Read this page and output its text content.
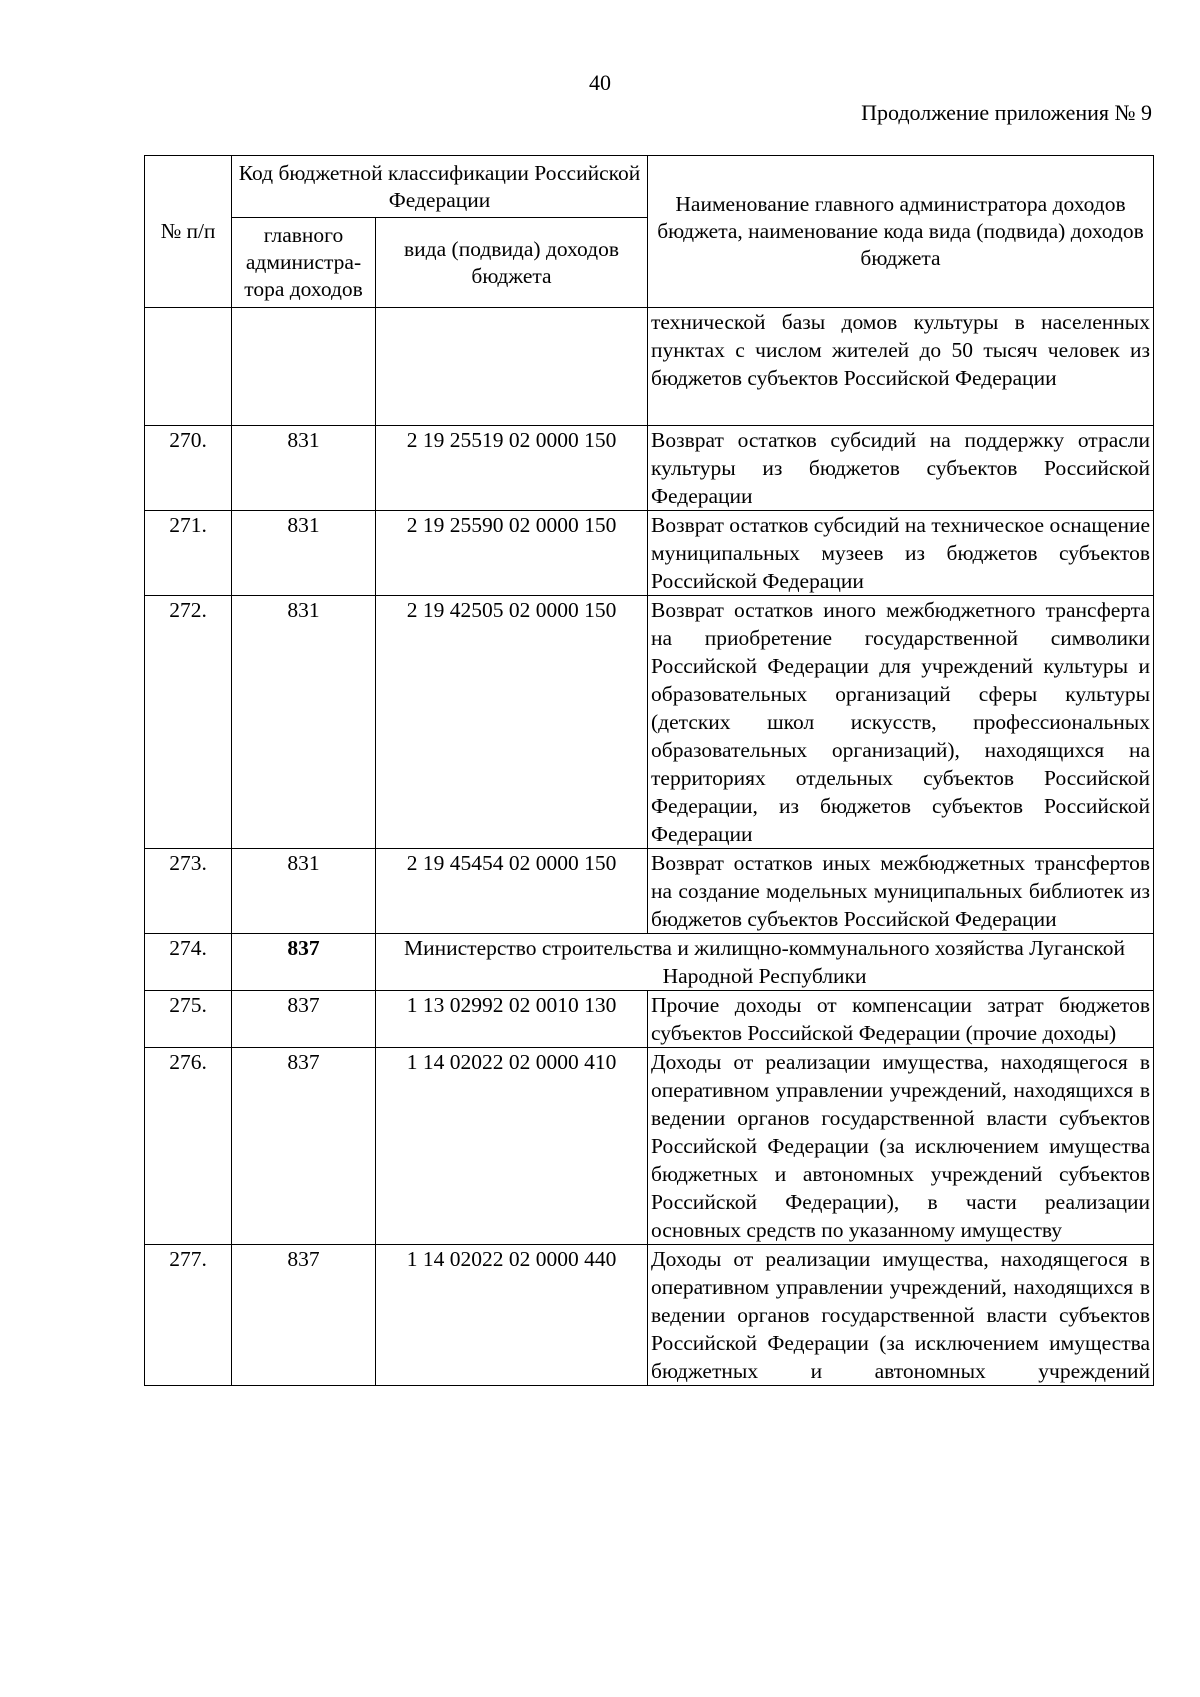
40
Продолжение приложения № 9
№ п/п	Код бюджетной классификации Российской Федерации		Наименование главного администратора доходов бюджета, наименование кода вида (подвида) доходов бюджета
	главного администра-тора доходов	вида (подвида) доходов бюджета	
			технической базы домов культуры в населенных пунктах с числом жителей до 50 тысяч человек из бюджетов субъектов Российской Федерации
270.	831	2 19 25519 02 0000 150	Возврат остатков субсидий на поддержку отрасли культуры из бюджетов субъектов Российской Федерации
271.	831	2 19 25590 02 0000 150	Возврат остатков субсидий на техническое оснащение муниципальных музеев из бюджетов субъектов Российской Федерации
272.	831	2 19 42505 02 0000 150	Возврат остатков иного межбюджетного трансферта на приобретение государственной символики Российской Федерации для учреждений культуры и образовательных организаций сферы культуры (детских школ искусств, профессиональных образовательных организаций), находящихся на территориях отдельных субъектов Российской Федерации, из бюджетов субъектов Российской Федерации
273.	831	2 19 45454 02 0000 150	Возврат остатков иных межбюджетных трансфертов на создание модельных муниципальных библиотек из бюджетов субъектов Российской Федерации
274.	837	Министерство строительства и жилищно-коммунального хозяйства Луганской Народной Республики	
275.	837	1 13 02992 02 0010 130	Прочие доходы от компенсации затрат бюджетов субъектов Российской Федерации (прочие доходы)
276.	837	1 14 02022 02 0000 410	Доходы от реализации имущества, находящегося в оперативном управлении учреждений, находящихся в ведении органов государственной власти субъектов Российской Федерации (за исключением имущества бюджетных и автономных учреждений субъектов Российской Федерации), в части реализации основных средств по указанному имуществу
277.	837	1 14 02022 02 0000 440	Доходы от реализации имущества, находящегося в оперативном управлении учреждений, находящихся в ведении органов государственной власти субъектов Российской Федерации (за исключением имущества бюджетных и автономных учреждений
